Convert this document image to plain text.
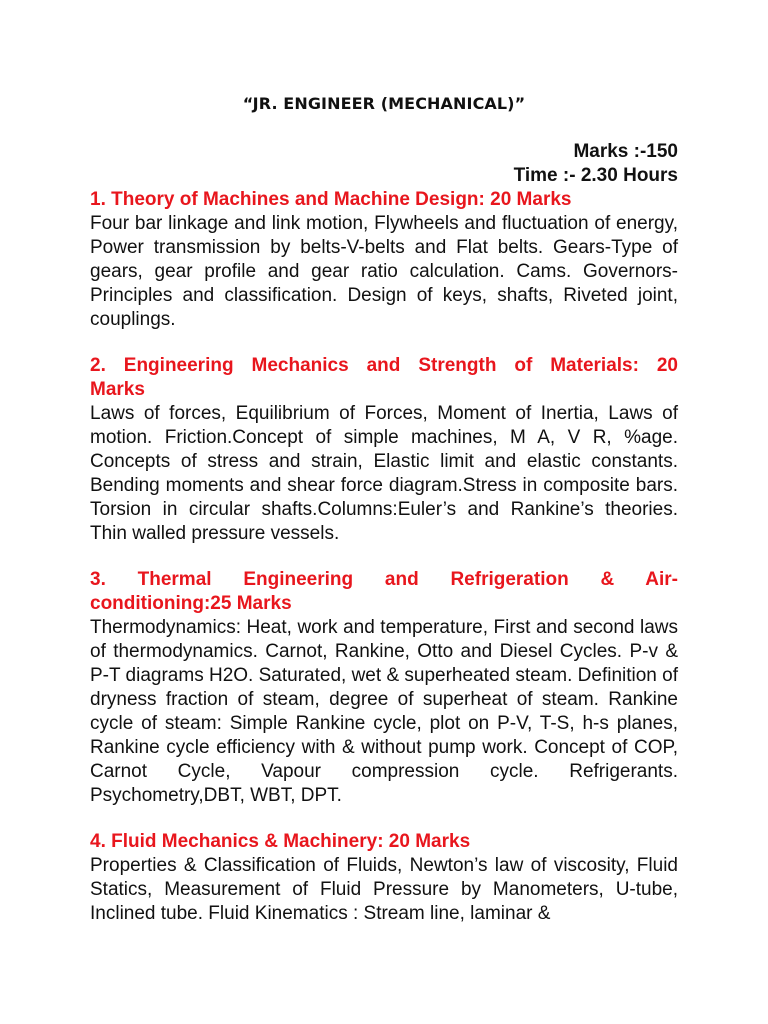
“JR. ENGINEER (MECHANICAL)”
Marks :-150
Time :- 2.30 Hours

1. Theory of Machines and Machine Design: 20 Marks

Four bar linkage and link motion, Flywheels and fluctuation of energy, Power transmission by belts-V-belts and Flat belts. Gears-Type of gears, gear profile and gear ratio calculation. Cams. Governors-Principles and classification. Design of keys, shafts, Riveted joint, couplings.

2. Engineering Mechanics and Strength of Materials: 20
Marks

Laws of forces, Equilibrium of Forces, Moment of Inertia, Laws of motion. Friction.Concept of simple machines, M A, V R, %age. Concepts of stress and strain, Elastic limit and elastic constants. Bending moments and shear force diagram.Stress in composite bars. Torsion in circular shafts.Columns:Euler’s and Rankine’s theories. Thin walled pressure vessels.

3. Thermal Engineering and Refrigeration & Air-
conditioning:25 Marks

Thermodynamics: Heat, work and temperature, First and second laws of thermodynamics. Carnot, Rankine, Otto and Diesel Cycles. P-v & P-T diagrams H2O. Saturated, wet & superheated steam. Definition of dryness fraction of steam, degree of superheat of steam. Rankine cycle of steam: Simple Rankine cycle, plot on P-V, T-S, h-s planes, Rankine cycle efficiency with & without pump work. Concept of COP, Carnot Cycle, Vapour compression cycle. Refrigerants. Psychometry,DBT, WBT, DPT.

4. Fluid Mechanics & Machinery: 20 Marks

Properties & Classification of Fluids, Newton’s law of viscosity, Fluid Statics, Measurement of Fluid Pressure by Manometers, U-tube, Inclined tube. Fluid Kinematics : Stream line, laminar &
